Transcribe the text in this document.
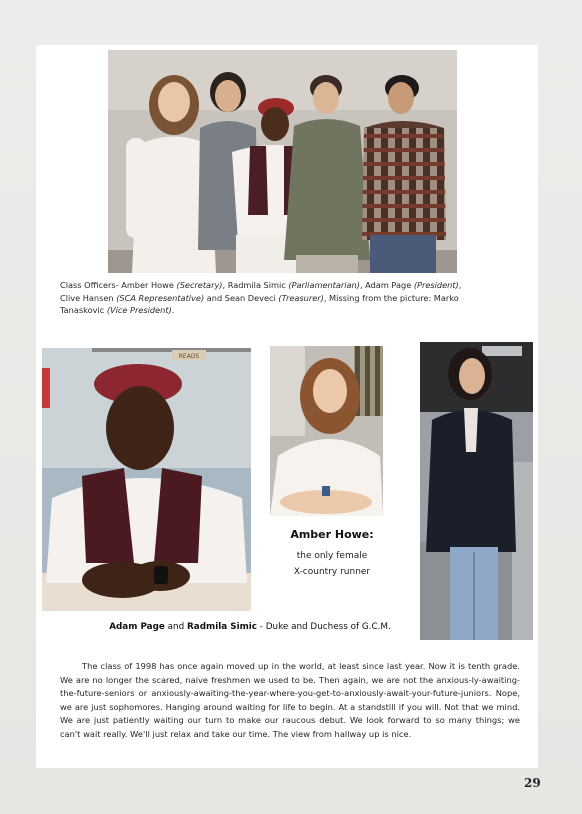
Class Officers- Amber Howe (Secretary), Radmila Simic (Parliamentarian), Adam Page (President), Clive Hansen (SCA Representative) and Sean Deveci (Treasurer), Missing from the picture: Marko Tanaskovic (Vice President).
READS
Amber Howe:
the only female
X-country runner
Adam Page and Radmila Simic - Duke and Duchess of G.C.M.
The class of 1998 has once again moved up in the world, at least since last year. Now it is tenth grade. We are no longer the scared, naive freshmen we used to be. Then again, we are not the anxious-ly-awaiting-the-future-seniors or anxiously-awaiting-the-year-where-you-get-to-anxiously-await-your-future-juniors. Nope, we are just sophomores. Hanging around waiting for life to begin. At a standstill if you will. Not that we mind. We are just patiently waiting our turn to make our raucous debut. We look forward to so many things; we can't wait really. We'll just relax and take our time. The view from hallway up is nice.
29
